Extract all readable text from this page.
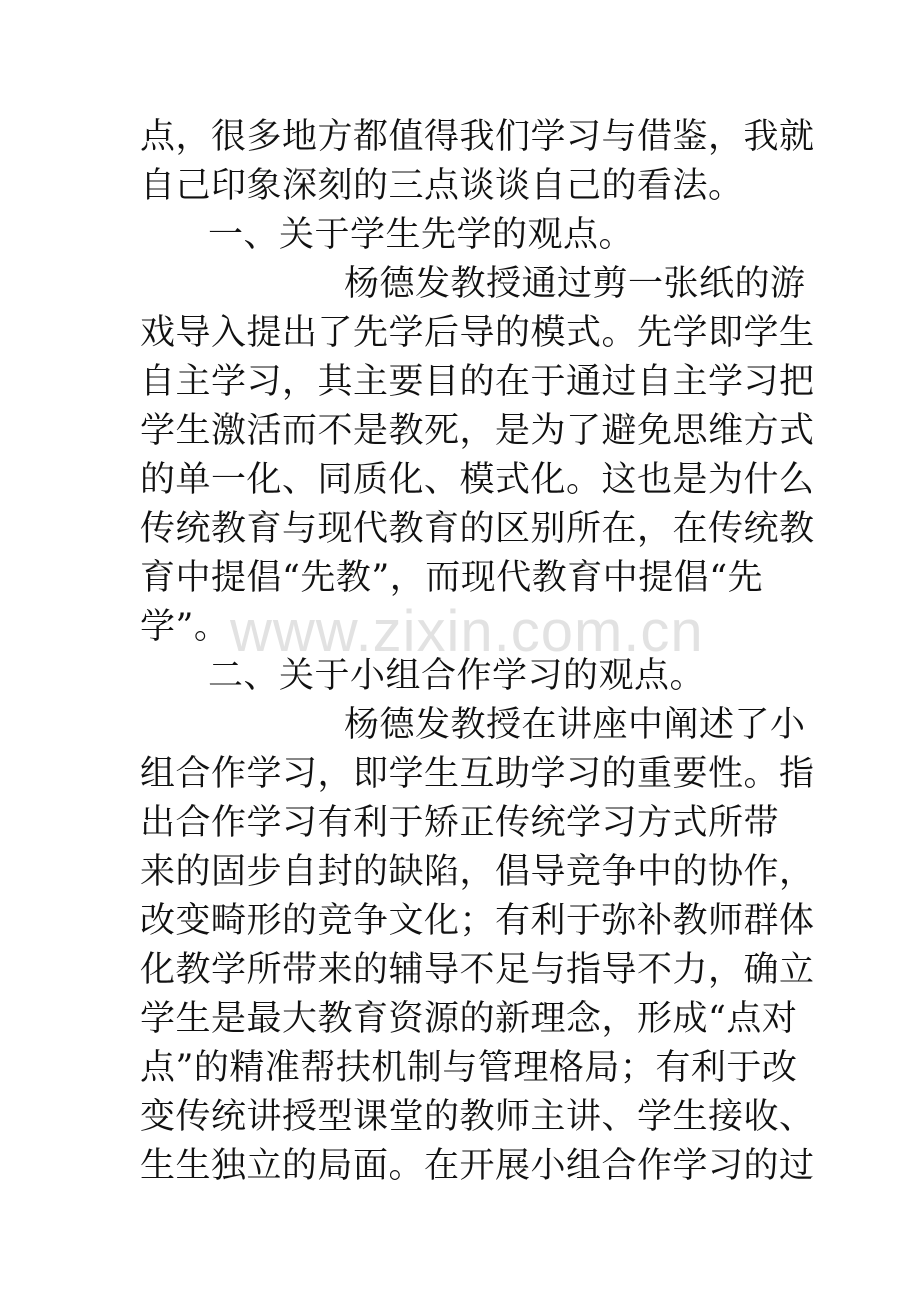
点，很多地方都值得我们学习与借鉴，我就
自己印象深刻的三点谈谈自己的看法。
一、关于学生先学的观点。
杨德发教授通过剪一张纸的游
戏导入提出了先学后导的模式。先学即学生
自主学习，其主要目的在于通过自主学习把
学生激活而不是教死，是为了避免思维方式
的单一化、同质化、模式化。这也是为什么
传统教育与现代教育的区别所在，在传统教
育中提倡“先教”，而现代教育中提倡“先
学”。 www.zixin.com.cn
二、关于小组合作学习的观点。
杨德发教授在讲座中阐述了小
组合作学习，即学生互助学习的重要性。指
出合作学习有利于矫正传统学习方式所带
来的固步自封的缺陷，倡导竞争中的协作，
改变畸形的竞争文化；有利于弥补教师群体
化教学所带来的辅导不足与指导不力，确立
学生是最大教育资源的新理念，形成“点对
点”的精准帮扶机制与管理格局；有利于改
变传统讲授型课堂的教师主讲、学生接收、
生生独立的局面。在开展小组合作学习的过
